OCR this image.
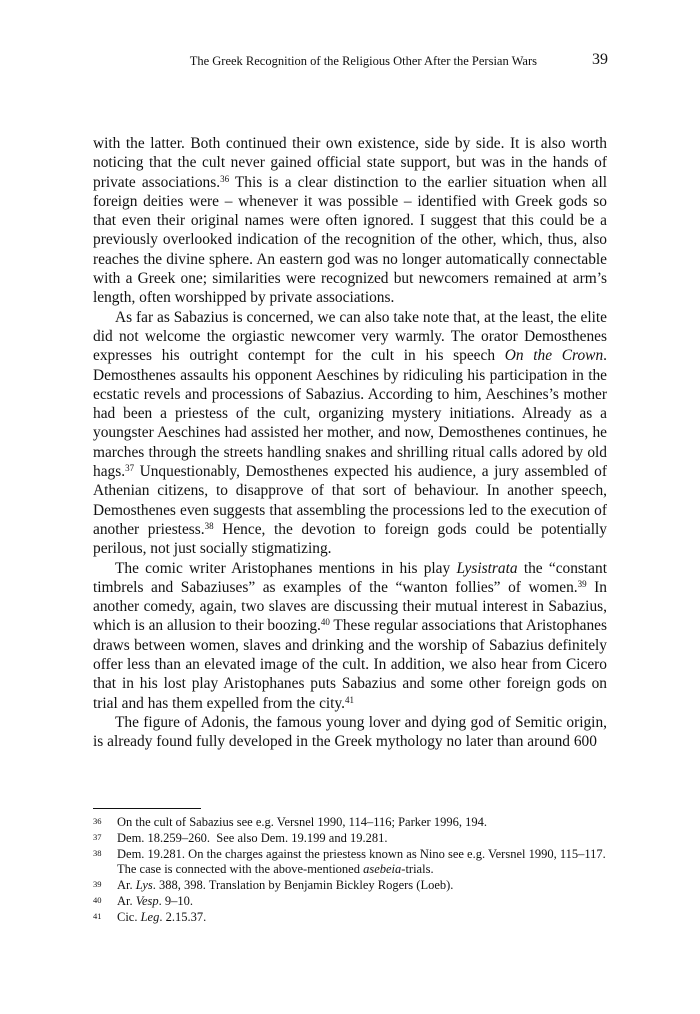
The Greek Recognition of the Religious Other After the Persian Wars	39

with the latter. Both continued their own existence, side by side. It is also worth noticing that the cult never gained official state support, but was in the hands of private associations.$^{36}$ This is a clear distinction to the earlier situation when all foreign deities were – whenever it was possible – identified with Greek gods so that even their original names were often ignored. I suggest that this could be a previously overlooked indication of the recognition of the other, which, thus, also reaches the divine sphere. An eastern god was no longer automatically connectable with a Greek one; similarities were recognized but newcomers remained at arm’s length, often worshipped by private associations.

As far as Sabazius is concerned, we can also take note that, at the least, the elite did not welcome the orgiastic newcomer very warmly. The orator Demosthenes expresses his outright contempt for the cult in his speech On the Crown. Demosthenes assaults his opponent Aeschines by ridiculing his participation in the ecstatic revels and processions of Sabazius. According to him, Aeschines’s mother had been a priestess of the cult, organizing mystery initiations. Already as a youngster Aeschines had assisted her mother, and now, Demosthenes continues, he marches through the streets handling snakes and shrilling ritual calls adored by old hags.$^{37}$ Unquestionably, Demosthenes expected his audience, a jury assembled of Athenian citizens, to disapprove of that sort of behaviour. In another speech, Demosthenes even suggests that assembling the processions led to the execution of another priestess.$^{38}$ Hence, the devotion to foreign gods could be potentially perilous, not just socially stigmatizing.

The comic writer Aristophanes mentions in his play Lysistrata the “constant timbrels and Sabaziuses” as examples of the “wanton follies” of women.$^{39}$ In another comedy, again, two slaves are discussing their mutual interest in Sabazius, which is an allusion to their boozing.$^{40}$ These regular associations that Aristophanes draws between women, slaves and drinking and the worship of Sabazius definitely offer less than an elevated image of the cult. In addition, we also hear from Cicero that in his lost play Aristophanes puts Sabazius and some other foreign gods on trial and has them expelled from the city.$^{41}$

The figure of Adonis, the famous young lover and dying god of Semitic origin, is already found fully developed in the Greek mythology no later than around 600

36	On the cult of Sabazius see e.g. Versnel 1990, 114–116; Parker 1996, 194.
37	Dem. 18.259–260.  See also Dem. 19.199 and 19.281.
38	Dem. 19.281. On the charges against the priestess known as Nino see e.g. Versnel 1990, 115–117. The case is connected with the above-mentioned asebeia-trials.
39	Ar. Lys. 388, 398. Translation by Benjamin Bickley Rogers (Loeb).
40	Ar. Vesp. 9–10.
41	Cic. Leg. 2.15.37.
